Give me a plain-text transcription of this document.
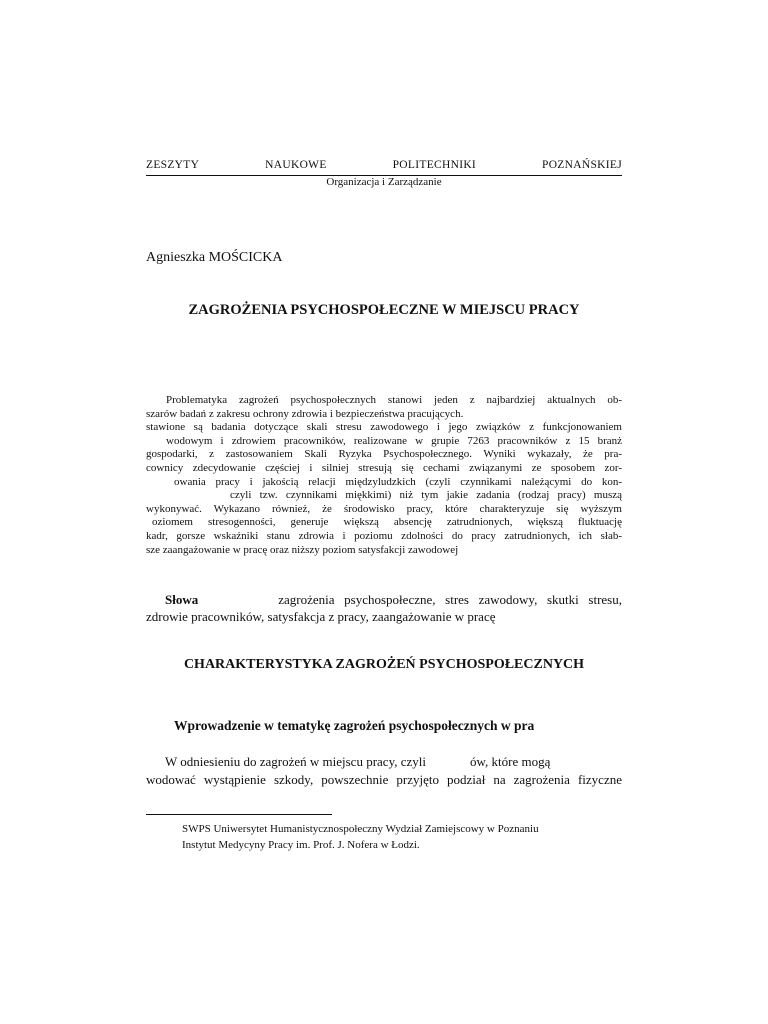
ZESZYTY	NAUKOWE	POLITECHNIKI	POZNAŃSKIEJ
Organizacja i Zarządzanie
Agnieszka MOŚCICKA
ZAGROŻENIA PSYCHOSPOŁECZNE W MIEJSCU PRACY
Problematyka zagrożeń psychospołecznych stanowi jeden z najbardziej aktualnych ob-
szarów badań z zakresu ochrony zdrowia i bezpieczeństwa pracujących.
stawione są badania dotyczące skali stresu zawodowego i jego związków z funkcjonowaniem
wodowym i zdrowiem pracowników, realizowane w grupie 7263 pracowników z 15 branż
gospodarki, z zastosowaniem Skali Ryzyka Psychospołecznego. Wyniki wykazały, że pra-
cownicy zdecydowanie częściej i silniej stresują się cechami związanymi ze sposobem zor-
owania pracy i jakością relacji międzyludzkich (czyli czynnikami należącymi do kon-
czyli tzw. czynnikami miękkimi) niż tym jakie zadania (rodzaj pracy) muszą
wykonywać. Wykazano również, że środowisko pracy, które charakteryzuje się wyższym
oziomem stresogenności, generuje większą absencję zatrudnionych, większą fluktuację
kadr, gorsze wskaźniki stanu zdrowia i poziomu zdolności do pracy zatrudnionych, ich słab-
sze zaangażowanie w pracę oraz niższy poziom satysfakcji zawodowej
Słowa	zagrożenia psychospołeczne, stres zawodowy, skutki stresu,
zdrowie pracowników, satysfakcja z pracy, zaangażowanie w pracę
CHARAKTERYSTYKA ZAGROŻEŃ PSYCHOSPOŁECZNYCH
Wprowadzenie w tematykę zagrożeń psychospołecznych w pra
W odniesieniu do zagrożeń w miejscu pracy, czyli	ów, które mogą
wodować wystąpienie szkody, powszechnie przyjęto podział na zagrożenia fizyczne
SWPS Uniwersytet Humanistycznospołeczny Wydział Zamiejscowy w Poznaniu
Instytut Medycyny Pracy im. Prof. J. Nofera w Łodzi.
